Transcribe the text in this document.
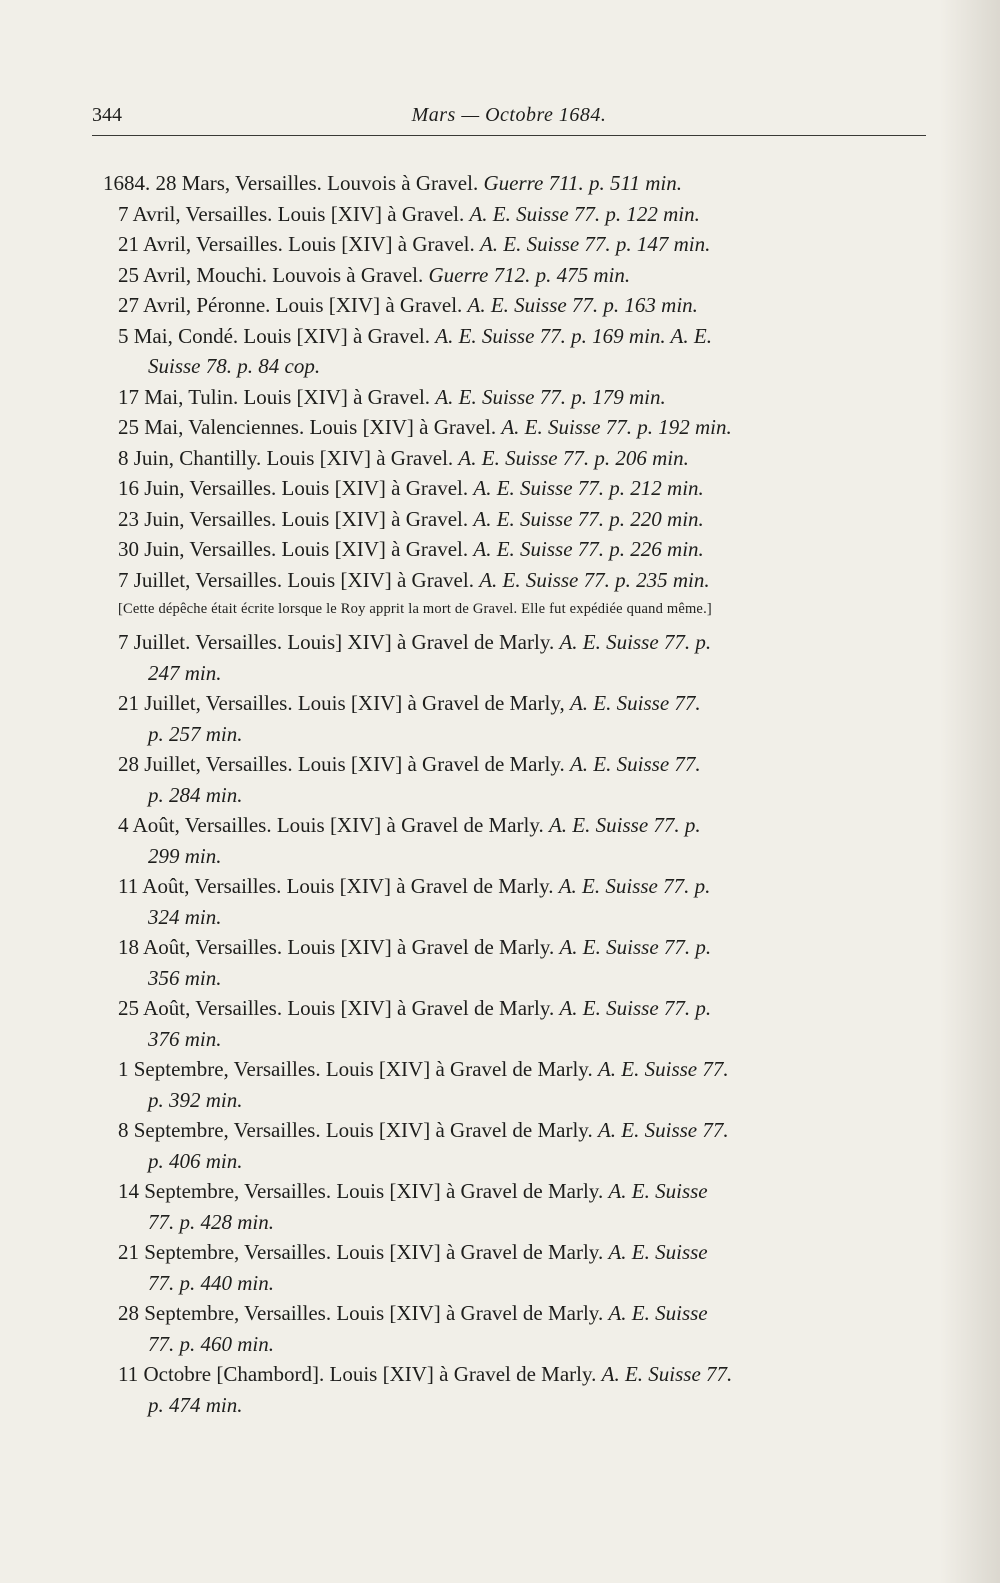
344	Mars — Octobre 1684.

1684. 28 Mars, Versailles. Louvois à Gravel. Guerre 711. p. 511 min.

7 Avril, Versailles. Louis [XIV] à Gravel. A. E. Suisse 77. p. 122 min.

21 Avril, Versailles. Louis [XIV] à Gravel. A. E. Suisse 77. p. 147 min.

25 Avril, Mouchi. Louvois à Gravel. Guerre 712. p. 475 min.

27 Avril, Péronne. Louis [XIV] à Gravel. A. E. Suisse 77. p. 163 min.

5 Mai, Condé. Louis [XIV] à Gravel. A. E. Suisse 77. p. 169 min. A. E.
Suisse 78. p. 84 cop.

17 Mai, Tulin. Louis [XIV] à Gravel. A. E. Suisse 77. p. 179 min.

25 Mai, Valenciennes. Louis [XIV] à Gravel. A. E. Suisse 77. p. 192 min.

8 Juin, Chantilly. Louis [XIV] à Gravel. A. E. Suisse 77. p. 206 min.

16 Juin, Versailles. Louis [XIV] à Gravel. A. E. Suisse 77. p. 212 min.

23 Juin, Versailles. Louis [XIV] à Gravel. A. E. Suisse 77. p. 220 min.

30 Juin, Versailles. Louis [XIV] à Gravel. A. E. Suisse 77. p. 226 min.

7 Juillet, Versailles. Louis [XIV] à Gravel. A. E. Suisse 77. p. 235 min.

[Cette dépêche était écrite lorsque le Roy apprit la mort de Gravel. Elle fut expédiée quand même.]

7 Juillet. Versailles. Louis] XIV] à Gravel de Marly. A. E. Suisse 77. p.
247 min.

21 Juillet, Versailles. Louis [XIV] à Gravel de Marly, A. E. Suisse 77.
p. 257 min.

28 Juillet, Versailles. Louis [XIV] à Gravel de Marly. A. E. Suisse 77.
p. 284 min.

4 Août, Versailles. Louis [XIV] à Gravel de Marly. A. E. Suisse 77. p.
299 min.

11 Août, Versailles. Louis [XIV] à Gravel de Marly. A. E. Suisse 77. p.
324 min.

18 Août, Versailles. Louis [XIV] à Gravel de Marly. A. E. Suisse 77. p.
356 min.

25 Août, Versailles. Louis [XIV] à Gravel de Marly. A. E. Suisse 77. p.
376 min.

1 Septembre, Versailles. Louis [XIV] à Gravel de Marly. A. E. Suisse 77.
p. 392 min.

8 Septembre, Versailles. Louis [XIV] à Gravel de Marly. A. E. Suisse 77.
p. 406 min.

14 Septembre, Versailles. Louis [XIV] à Gravel de Marly. A. E. Suisse
77. p. 428 min.

21 Septembre, Versailles. Louis [XIV] à Gravel de Marly. A. E. Suisse
77. p. 440 min.

28 Septembre, Versailles. Louis [XIV] à Gravel de Marly. A. E. Suisse
77. p. 460 min.

11 Octobre [Chambord]. Louis [XIV] à Gravel de Marly. A. E. Suisse 77.
p. 474 min.
